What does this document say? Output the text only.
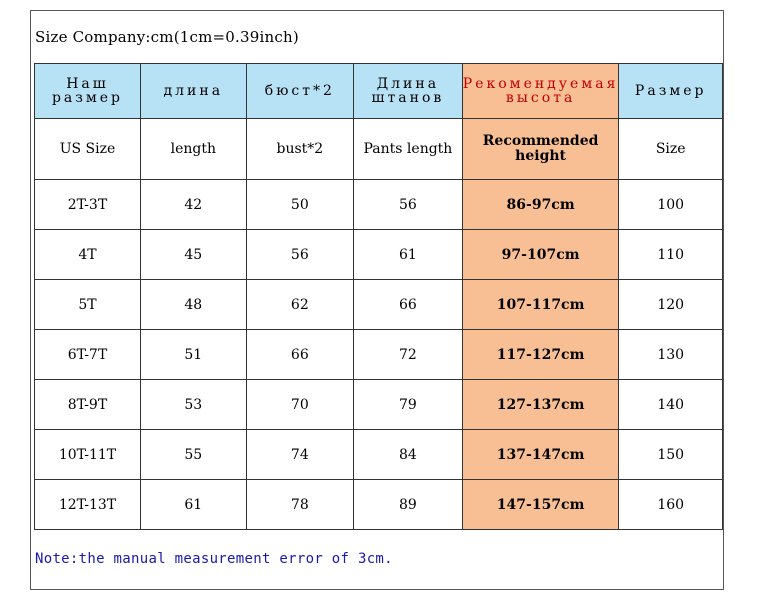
Size Company:cm(1cm=0.39inch)
Наш размер	длина	бюст*2	Длина штанов	Рекомендуемая высота	Размер
US Size	length	bust*2	Pants length	Recommended height	Size
2T-3T	42	50	56	86-97cm	100
4T	45	56	61	97-107cm	110
5T	48	62	66	107-117cm	120
6T-7T	51	66	72	117-127cm	130
8T-9T	53	70	79	127-137cm	140
10T-11T	55	74	84	137-147cm	150
12T-13T	61	78	89	147-157cm	160
Note:the manual measurement error of 3cm.
